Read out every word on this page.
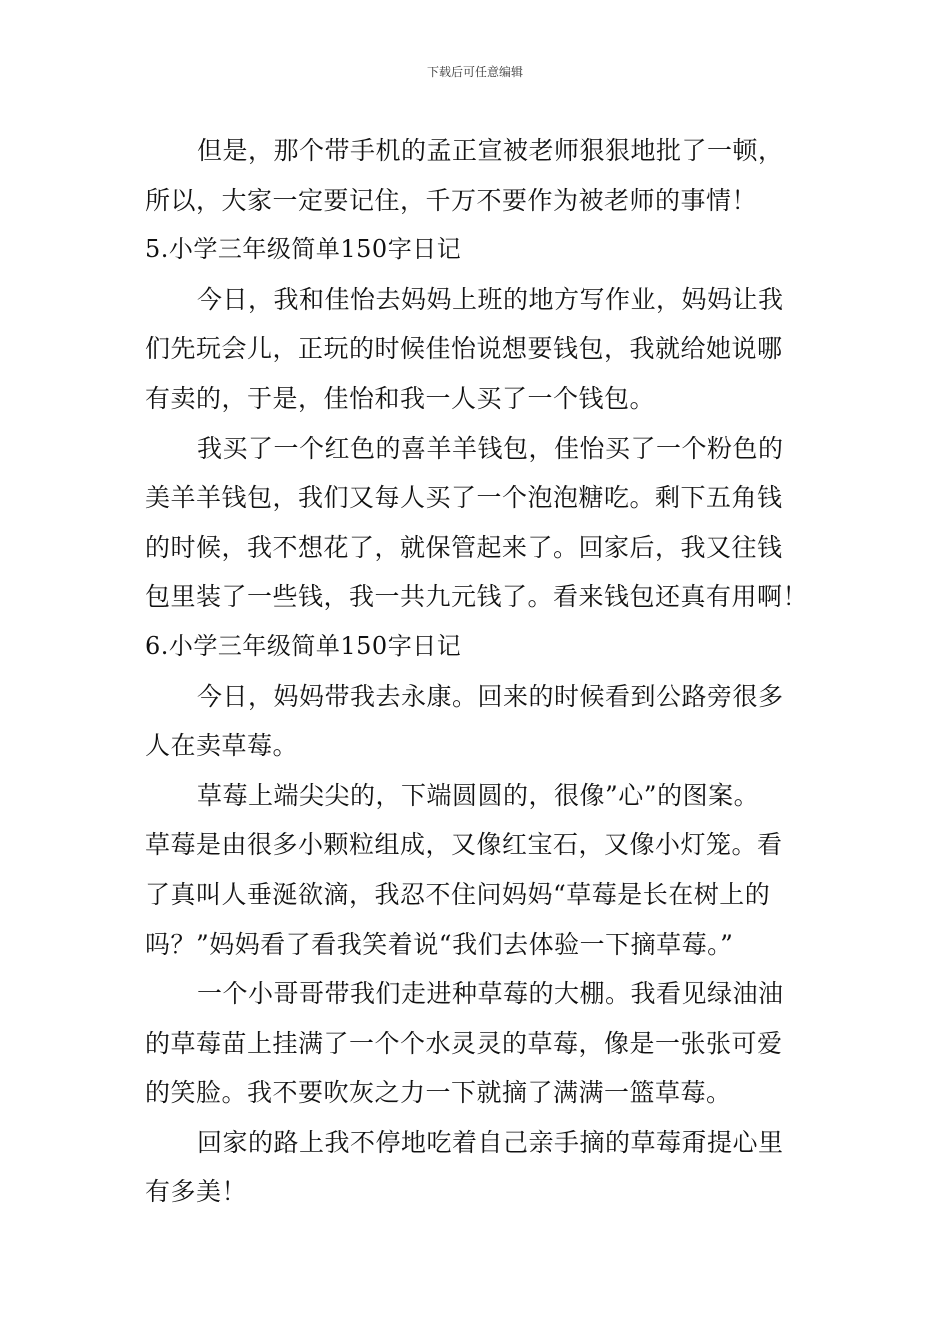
下载后可任意编辑
但是，那个带手机的孟正宣被老师狠狠地批了一顿，
所以，大家一定要记住，千万不要作为被老师的事情！
5.小学三年级简单150字日记
今日，我和佳怡去妈妈上班的地方写作业，妈妈让我
们先玩会儿，正玩的时候佳怡说想要钱包，我就给她说哪
有卖的，于是，佳怡和我一人买了一个钱包。
我买了一个红色的喜羊羊钱包，佳怡买了一个粉色的
美羊羊钱包，我们又每人买了一个泡泡糖吃。剩下五角钱
的时候，我不想花了，就保管起来了。回家后，我又往钱
包里装了一些钱，我一共九元钱了。看来钱包还真有用啊！
6.小学三年级简单150字日记
今日，妈妈带我去永康。回来的时候看到公路旁很多
人在卖草莓。
草莓上端尖尖的，下端圆圆的，很像”心”的图案。
草莓是由很多小颗粒组成，又像红宝石，又像小灯笼。看
了真叫人垂涎欲滴，我忍不住问妈妈“草莓是长在树上的
吗？”妈妈看了看我笑着说“我们去体验一下摘草莓。”
一个小哥哥带我们走进种草莓的大棚。我看见绿油油
的草莓苗上挂满了一个个水灵灵的草莓，像是一张张可爱
的笑脸。我不要吹灰之力一下就摘了满满一篮草莓。
回家的路上我不停地吃着自己亲手摘的草莓甭提心里
有多美！
